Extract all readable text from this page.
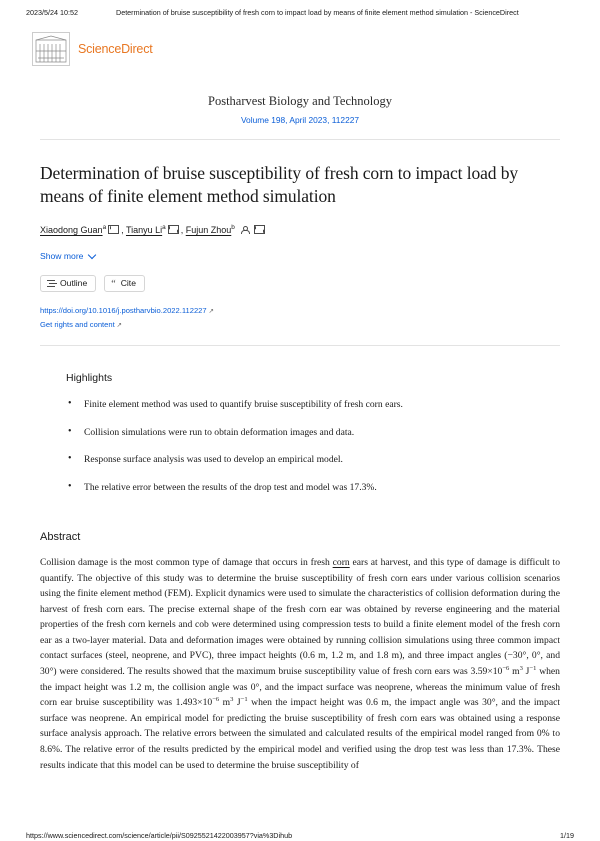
2023/5/24 10:52	Determination of bruise susceptibility of fresh corn to impact load by means of finite element method simulation - ScienceDirect
ScienceDirect
Postharvest Biology and Technology
Volume 198, April 2023, 112227
Determination of bruise susceptibility of fresh corn to impact load by means of finite element method simulation
Xiaodong Guan$^a$ , Tianyu Li$^a$ , Fujun Zhou$^b$
Show more
Outline “ Cite
https://doi.org/10.1016/j.postharvbio.2022.112227 ↗
Get rights and content ↗
Highlights
• Finite element method was used to quantify bruise susceptibility of fresh corn ears.
• Collision simulations were run to obtain deformation images and data.
• Response surface analysis was used to develop an empirical model.
• The relative error between the results of the drop test and model was 17.3%.
Abstract
Collision damage is the most common type of damage that occurs in fresh corn ears at harvest, and this type of damage is difficult to quantify. The objective of this study was to determine the bruise susceptibility of fresh corn ears under various collision scenarios using the finite element method (FEM). Explicit dynamics were used to simulate the characteristics of collision deformation during the harvest of fresh corn ears. The precise external shape of the fresh corn ear was obtained by reverse engineering and the material properties of the fresh corn kernels and cob were determined using compression tests to build a finite element model of the fresh corn ear as a two-layer material. Data and deformation images were obtained by running collision simulations using three common impact contact surfaces (steel, neoprene, and PVC), three impact heights (0.6 m, 1.2 m, and 1.8 m), and three impact angles (−30°, 0°, and 30°) were considered. The results showed that the maximum bruise susceptibility value of fresh corn ears was $3.59\times 10^{-6}$ $m^3$ $J^{-1}$ when the impact height was 1.2 m, the collision angle was 0°, and the impact surface was neoprene, whereas the minimum value of fresh corn ear bruise susceptibility was $1.493\times 10^{-6}$ $m^3$ $J^{-1}$ when the impact height was 0.6 m, the impact angle was 30°, and the impact surface was neoprene. An empirical model for predicting the bruise susceptibility of fresh corn ears was obtained using a response surface analysis approach. The relative errors between the simulated and calculated results of the empirical model ranged from 0% to 8.6%. The relative error of the results predicted by the empirical model and verified using the drop test was less than 17.3%. These results indicate that this model can be used to determine the bruise susceptibility of
https://www.sciencedirect.com/science/article/pii/S0925521422003957?via%3Dihub	1/19
